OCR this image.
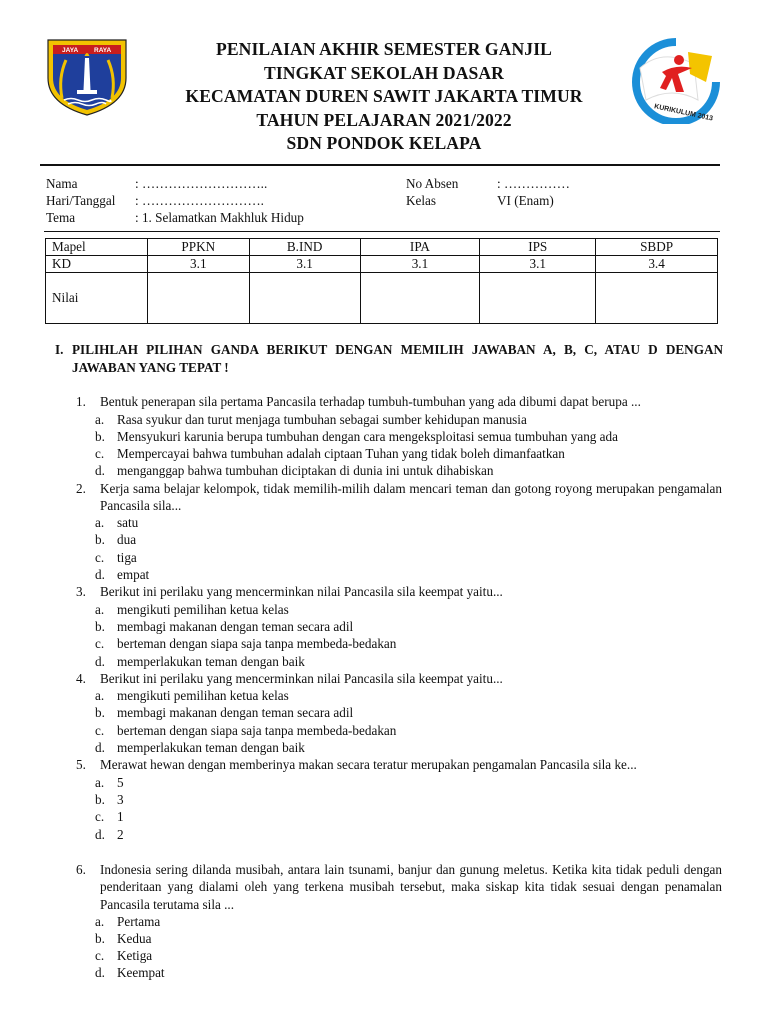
JAYA RAYA	PENILAIAN AKHIR SEMESTER GANJIL
TINGKAT SEKOLAH DASAR
KECAMATAN DUREN SAWIT JAKARTA TIMUR
TAHUN PELAJARAN 2021/2022
SDN PONDOK KELAPA
KURIKULUM 2013
Nama	: ………………………..
Hari/Tanggal : ……………………….
Tema	: 1. Selamatkan Makhluk Hidup
No Absen	: ……………
Kelas	VI (Enam)
Mapel	PPKN	B.IND	IPA	IPS	SBDP
KD	3.1	3.1	3.1	3.1	3.4
Nilai					
I. PILIHLAH PILIHAN GANDA BERIKUT DENGAN MEMILIH JAWABAN A, B, C, ATAU D DENGAN JAWABAN YANG TEPAT !
1. Bentuk penerapan sila pertama Pancasila terhadap tumbuh-tumbuhan yang ada dibumi dapat berupa ...
a. Rasa syukur dan turut menjaga tumbuhan sebagai sumber kehidupan manusia
b. Mensyukuri karunia berupa tumbuhan dengan cara mengeksploitasi semua tumbuhan yang ada
c. Mempercayai bahwa tumbuhan adalah ciptaan Tuhan yang tidak boleh dimanfaatkan
d. menganggap bahwa tumbuhan diciptakan di dunia ini untuk dihabiskan
2. Kerja sama belajar kelompok, tidak memilih-milih dalam mencari teman dan gotong royong merupakan pengamalan Pancasila sila...
a. satu
b. dua
c. tiga
d. empat
3. Berikut ini perilaku yang mencerminkan nilai Pancasila sila keempat yaitu...
a. mengikuti pemilihan ketua kelas
b. membagi makanan dengan teman secara adil
c. berteman dengan siapa saja tanpa membeda-bedakan
d. memperlakukan teman dengan baik
4. Berikut ini perilaku yang mencerminkan nilai Pancasila sila keempat yaitu...
a. mengikuti pemilihan ketua kelas
b. membagi makanan dengan teman secara adil
c. berteman dengan siapa saja tanpa membeda-bedakan
d. memperlakukan teman dengan baik
5. Merawat hewan dengan memberinya makan secara teratur merupakan pengamalan Pancasila sila ke...
a. 5
b. 3
c. 1
d. 2
6. Indonesia sering dilanda musibah, antara lain tsunami, banjur dan gunung meletus. Ketika kita tidak peduli dengan penderitaan yang dialami oleh yang terkena musibah tersebut, maka siskap kita tidak sesuai dengan penamalan Pancasila terutama sila ...
a. Pertama
b. Kedua
c. Ketiga
d. Keempat
